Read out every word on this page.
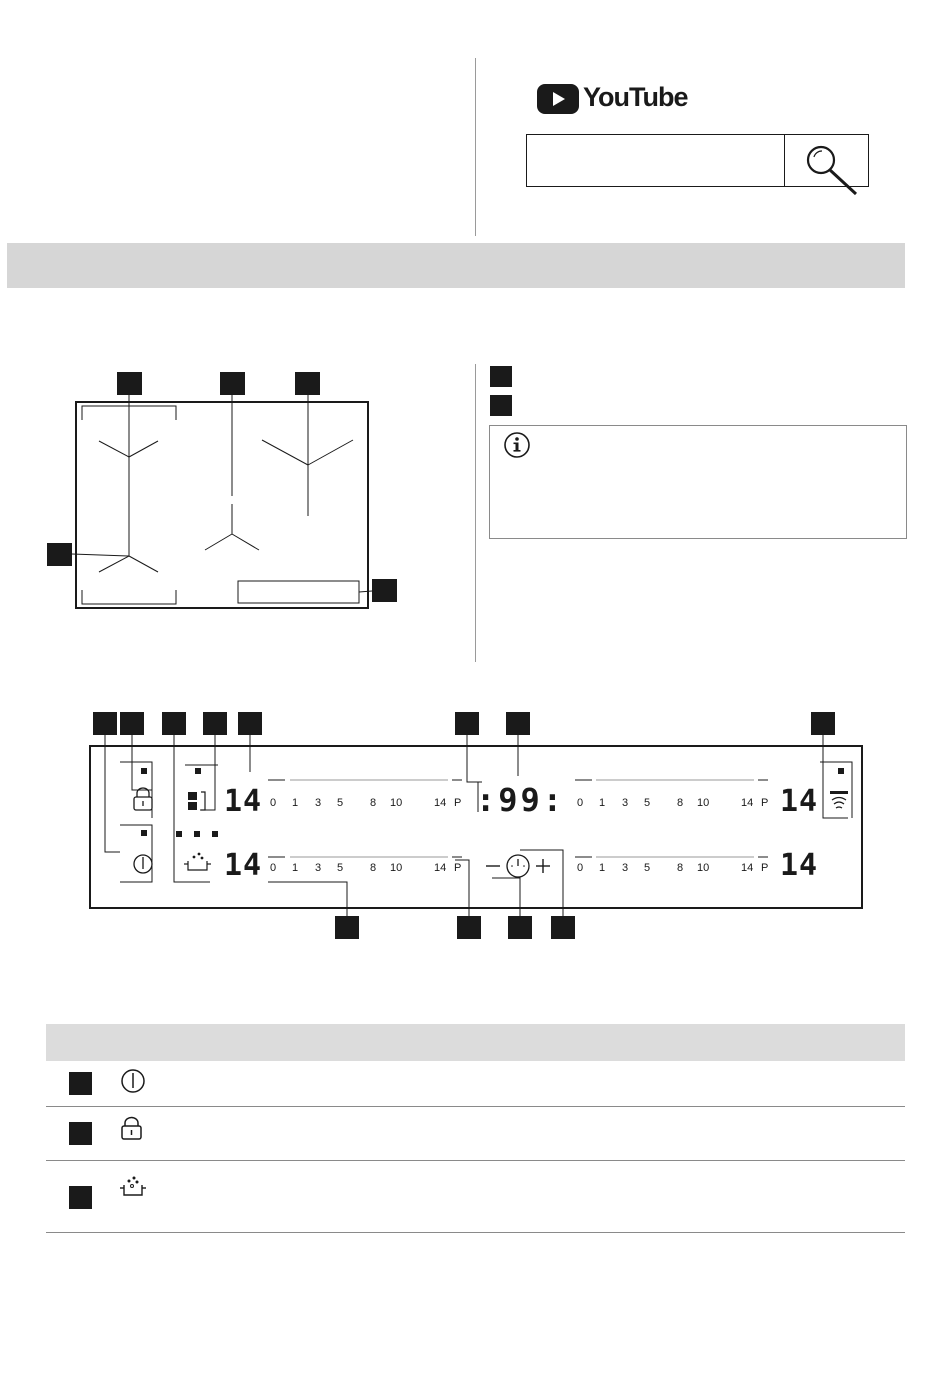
YouTube
14
14
14
14
:99:
0 1 3 5 8 10	14 P
0 1 3 5 8 10	14 P
0 1 3 5 8 10	14 P
0 1 3 5 8 10	14 P
